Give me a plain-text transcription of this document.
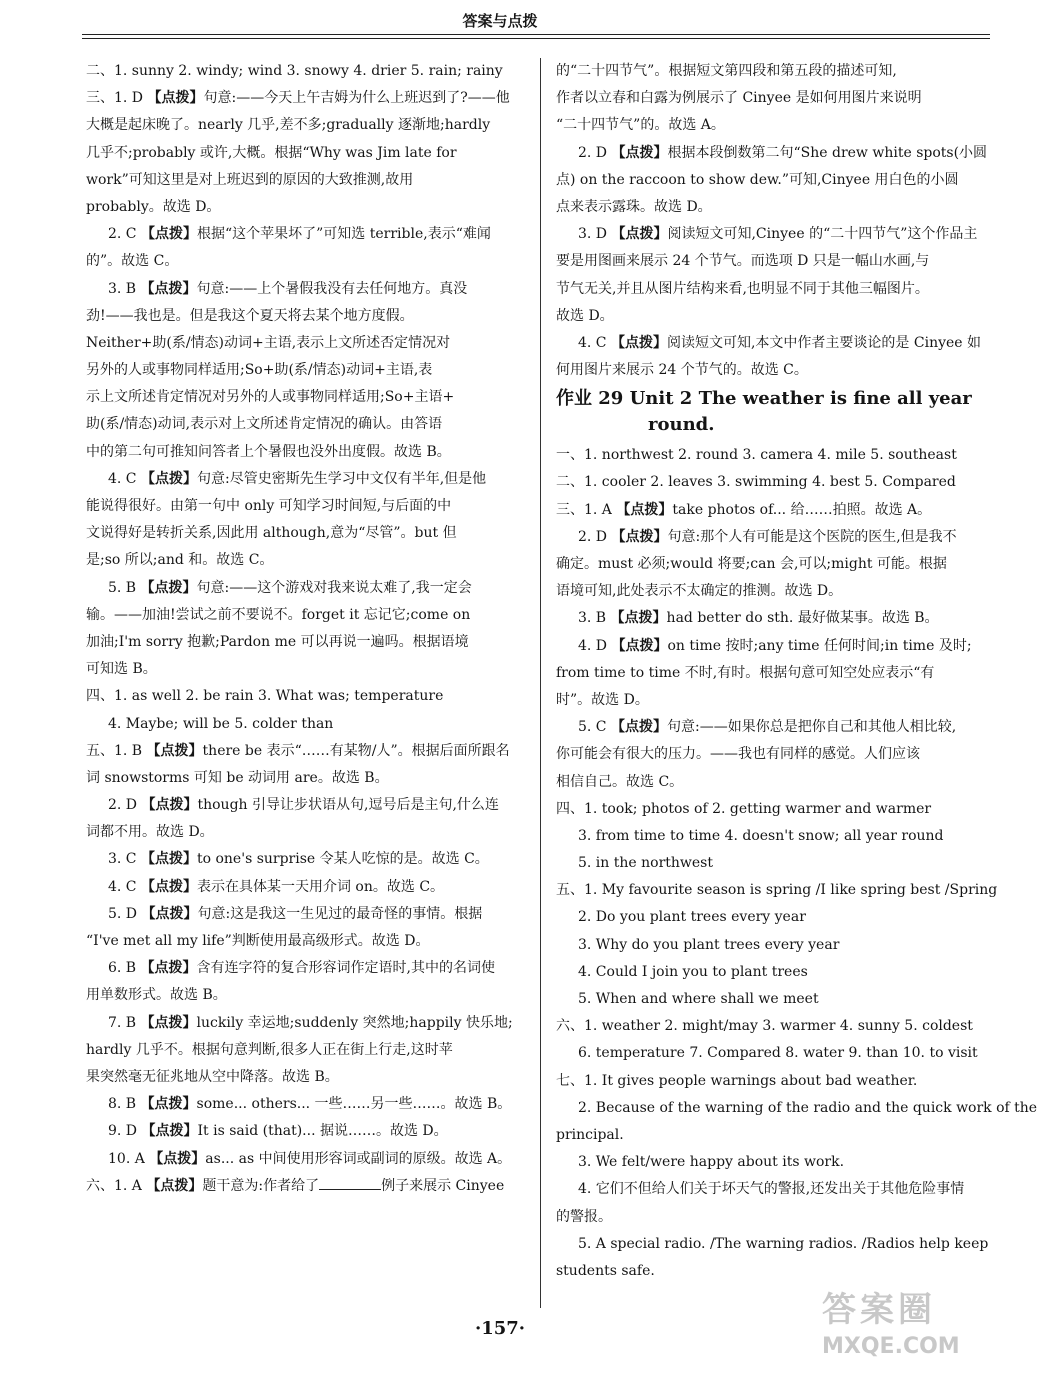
答案与点拨
二、1. sunny 2. windy; wind 3. snowy 4. drier 5. rain; rainy
三、1. D 【点拨】句意:——今天上午吉姆为什么上班迟到了?——他
大概是起床晚了。nearly 几乎,差不多;gradually 逐渐地;hardly
几乎不;probably 或许,大概。根据“Why was Jim late for
work”可知这里是对上班迟到的原因的大致推测,故用
probably。故选 D。
2. C 【点拨】根据“这个苹果坏了”可知选 terrible,表示“难闻
的”。故选 C。
3. B 【点拨】句意:——上个暑假我没有去任何地方。真没
劲!——我也是。但是我这个夏天将去某个地方度假。
Neither+助(系/情态)动词+主语,表示上文所述否定情况对
另外的人或事物同样适用;So+助(系/情态)动词+主语,表
示上文所述肯定情况对另外的人或事物同样适用;So+主语+
助(系/情态)动词,表示对上文所述肯定情况的确认。由答语
中的第二句可推知问答者上个暑假也没外出度假。故选 B。
4. C 【点拨】句意:尽管史密斯先生学习中文仅有半年,但是他
能说得很好。由第一句中 only 可知学习时间短,与后面的中
文说得好是转折关系,因此用 although,意为“尽管”。but 但
是;so 所以;and 和。故选 C。
5. B 【点拨】句意:——这个游戏对我来说太难了,我一定会
输。——加油!尝试之前不要说不。forget it 忘记它;come on
加油;I'm sorry 抱歉;Pardon me 可以再说一遍吗。根据语境
可知选 B。
四、1. as well 2. be rain 3. What was; temperature
4. Maybe; will be 5. colder than
五、1. B 【点拨】there be 表示“……有某物/人”。根据后面所跟名
词 snowstorms 可知 be 动词用 are。故选 B。
2. D 【点拨】though 引导让步状语从句,逗号后是主句,什么连
词都不用。故选 D。
3. C 【点拨】to one's surprise 令某人吃惊的是。故选 C。
4. C 【点拨】表示在具体某一天用介词 on。故选 C。
5. D 【点拨】句意:这是我这一生见过的最奇怪的事情。根据
“I've met all my life”判断使用最高级形式。故选 D。
6. B 【点拨】含有连字符的复合形容词作定语时,其中的名词使
用单数形式。故选 B。
7. B 【点拨】luckily 幸运地;suddenly 突然地;happily 快乐地;
hardly 几乎不。根据句意判断,很多人正在街上行走,这时苹
果突然毫无征兆地从空中降落。故选 B。
8. B 【点拨】some... others... 一些……另一些……。故选 B。
9. D 【点拨】It is said (that)... 据说……。故选 D。
10. A 【点拨】as... as 中间使用形容词或副词的原级。故选 A。
六、1. A 【点拨】题干意为:作者给了	例子来展示 Cinyee
的“二十四节气”。根据短文第四段和第五段的描述可知,
作者以立春和白露为例展示了 Cinyee 是如何用图片来说明
“二十四节气”的。故选 A。
2. D 【点拨】根据本段倒数第二句“She drew white spots(小圆
点) on the raccoon to show dew.”可知,Cinyee 用白色的小圆
点来表示露珠。故选 D。
3. D 【点拨】阅读短文可知,Cinyee 的“二十四节气”这个作品主
要是用图画来展示 24 个节气。而选项 D 只是一幅山水画,与
节气无关,并且从图片结构来看,也明显不同于其他三幅图片。
故选 D。
4. C 【点拨】阅读短文可知,本文中作者主要谈论的是 Cinyee 如
何用图片来展示 24 个节气的。故选 C。
作业 29 Unit 2 The weather is fine all year
round.
一、1. northwest 2. round 3. camera 4. mile 5. southeast
二、1. cooler 2. leaves 3. swimming 4. best 5. Compared
三、1. A 【点拨】take photos of... 给……拍照。故选 A。
2. D 【点拨】句意:那个人有可能是这个医院的医生,但是我不
确定。must 必须;would 将要;can 会,可以;might 可能。根据
语境可知,此处表示不太确定的推测。故选 D。
3. B 【点拨】had better do sth. 最好做某事。故选 B。
4. D 【点拨】on time 按时;any time 任何时间;in time 及时;
from time to time 不时,有时。根据句意可知空处应表示“有
时”。故选 D。
5. C 【点拨】句意:——如果你总是把你自己和其他人相比较,
你可能会有很大的压力。——我也有同样的感觉。人们应该
相信自己。故选 C。
四、1. took; photos of 2. getting warmer and warmer
3. from time to time 4. doesn't snow; all year round
5. in the northwest
五、1. My favourite season is spring /I like spring best /Spring
2. Do you plant trees every year
3. Why do you plant trees every year
4. Could I join you to plant trees
5. When and where shall we meet
六、1. weather 2. might/may 3. warmer 4. sunny 5. coldest
6. temperature 7. Compared 8. water 9. than 10. to visit
七、1. It gives people warnings about bad weather.
2. Because of the warning of the radio and the quick work of the
principal.
3. We felt/were happy about its work.
4. 它们不但给人们关于坏天气的警报,还发出关于其他危险事情
的警报。
5. A special radio. /The warning radios. /Radios help keep
students safe.
·157·	答案圈
MXQE.COM
